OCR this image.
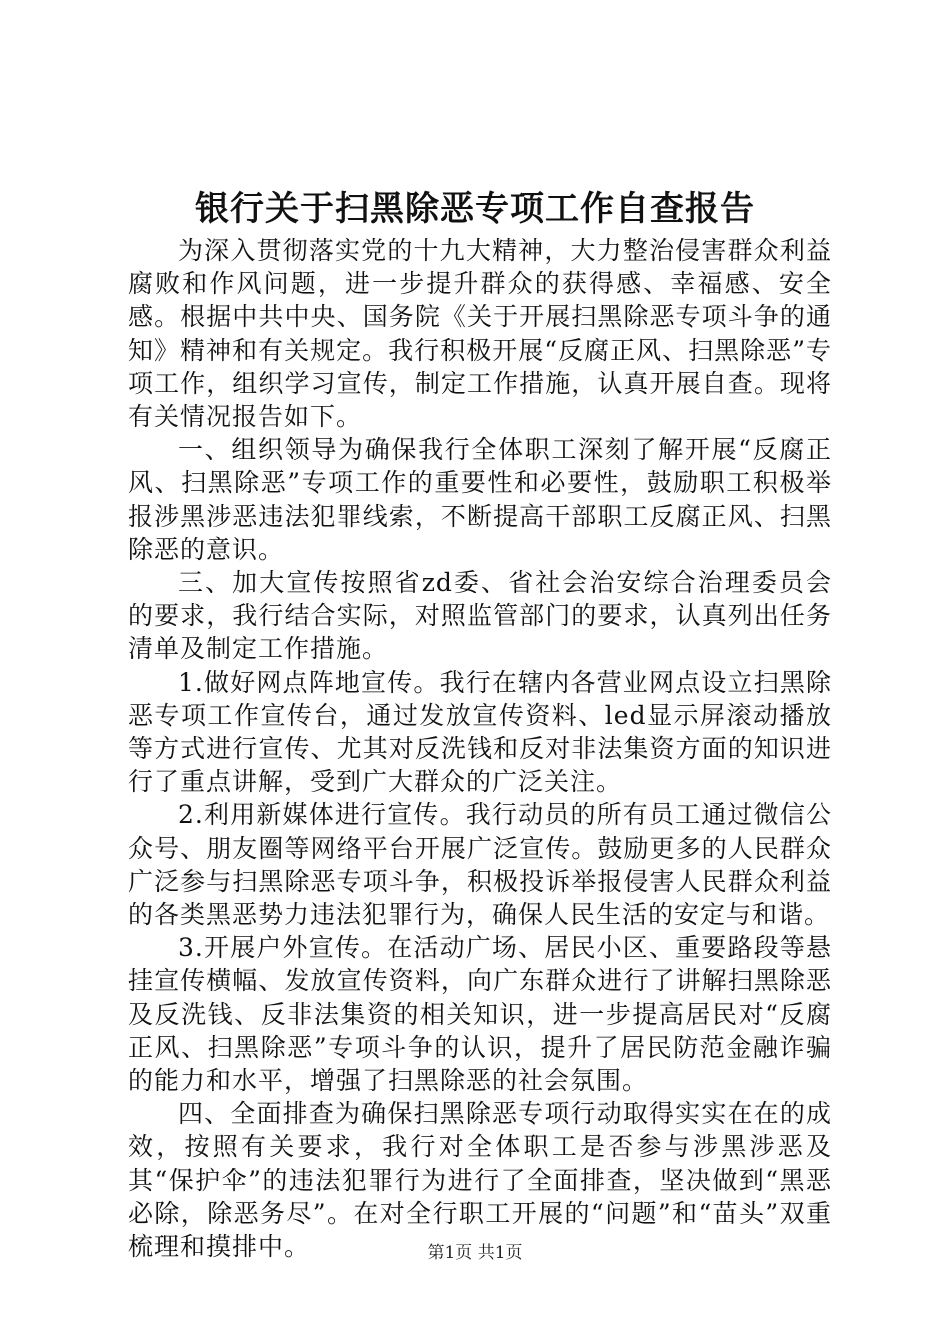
银行关于扫黑除恶专项工作自查报告

为深入贯彻落实党的十九大精神，大力整治侵害群众利益腐败和作风问题，进一步提升群众的获得感、幸福感、安全感。根据中共中央、国务院《关于开展扫黑除恶专项斗争的通知》精神和有关规定。我行积极开展“反腐正风、扫黑除恶”专项工作，组织学习宣传，制定工作措施，认真开展自查。现将有关情况报告如下。

一、组织领导为确保我行全体职工深刻了解开展“反腐正风、扫黑除恶”专项工作的重要性和必要性，鼓励职工积极举报涉黑涉恶违法犯罪线索，不断提高干部职工反腐正风、扫黑除恶的意识。

三、加大宣传按照省zd委、省社会治安综合治理委员会的要求，我行结合实际，对照监管部门的要求，认真列出任务清单及制定工作措施。

1.做好网点阵地宣传。我行在辖内各营业网点设立扫黑除恶专项工作宣传台，通过发放宣传资料、led显示屏滚动播放等方式进行宣传、尤其对反洗钱和反对非法集资方面的知识进行了重点讲解，受到广大群众的广泛关注。

2.利用新媒体进行宣传。我行动员的所有员工通过微信公众号、朋友圈等网络平台开展广泛宣传。鼓励更多的人民群众广泛参与扫黑除恶专项斗争，积极投诉举报侵害人民群众利益的各类黑恶势力违法犯罪行为，确保人民生活的安定与和谐。

3.开展户外宣传。在活动广场、居民小区、重要路段等悬挂宣传横幅、发放宣传资料，向广东群众进行了讲解扫黑除恶及反洗钱、反非法集资的相关知识，进一步提高居民对“反腐正风、扫黑除恶”专项斗争的认识，提升了居民防范金融诈骗的能力和水平，增强了扫黑除恶的社会氛围。

四、全面排查为确保扫黑除恶专项行动取得实实在在的成效，按照有关要求，我行对全体职工是否参与涉黑涉恶及其“保护伞”的违法犯罪行为进行了全面排查，坚决做到“黑恶必除，除恶务尽”。在对全行职工开展的“问题”和“苗头”双重梳理和摸排中。	第1页 共1页
